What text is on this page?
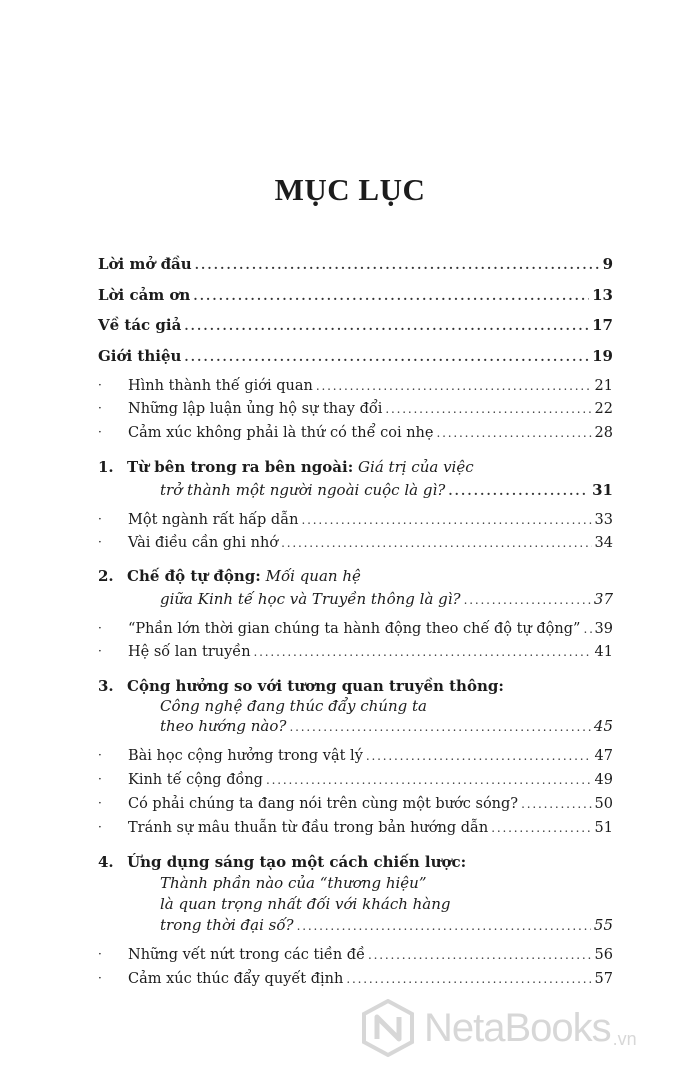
MỤC LỤC
Lời mở đầu . . .	9
Lời cảm ơn . . .	13
Về tác giả . . .	17
Giới thiệu . . .	19
· Hình thành thế giới quan . . .	21
· Những lập luận ủng hộ sự thay đổi . . .	22
· Cảm xúc không phải là thứ có thể coi nhẹ . . .	28
1. Từ bên trong ra bên ngoài: Giá trị của việc
trở thành một người ngoài cuộc là gì? . . .	31
· Một ngành rất hấp dẫn . . .	33
· Vài điều cần ghi nhớ . . .	34
2. Chế độ tự động: Mối quan hệ
giữa Kinh tế học và Truyền thông là gì? . . .	37
· “Phần lớn thời gian chúng ta hành động theo chế độ tự động” . . . 39
· Hệ số lan truyền . . .	41
3. Cộng hưởng so với tương quan truyền thông:
Công nghệ đang thúc đẩy chúng ta
theo hướng nào? . . .	45
· Bài học cộng hưởng trong vật lý . . .	47
· Kinh tế cộng đồng . . .	49
· Có phải chúng ta đang nói trên cùng một bước sóng? . . .	50
· Tránh sự mâu thuẫn từ đầu trong bản hướng dẫn . . .	51
4. Ứng dụng sáng tạo một cách chiến lược:
Thành phần nào của “thương hiệu”
là quan trọng nhất đối với khách hàng
trong thời đại số? . . .	55
· Những vết nứt trong các tiền đề . . .	56
· Cảm xúc thúc đẩy quyết định . . .	57
NetaBooks .vn
